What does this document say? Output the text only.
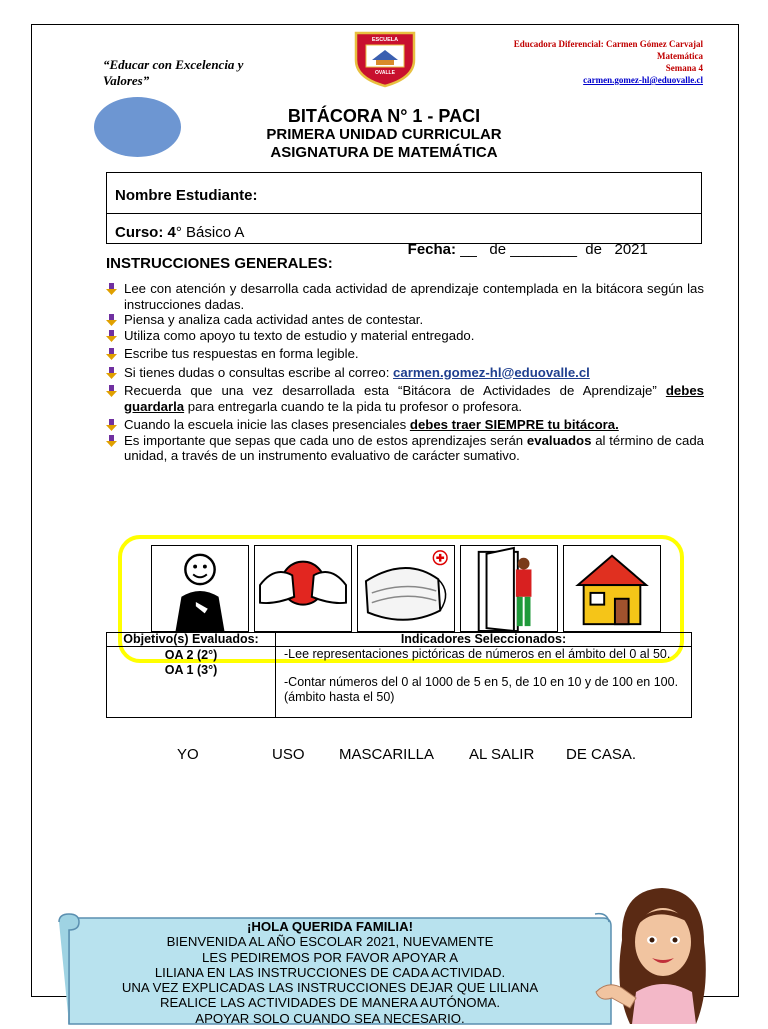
“Educar con Excelencia y Valores”
ESCUELA
OVALLE
Educadora Diferencial: Carmen Gómez Carvajal
Matemática
Semana 4
carmen.gomez-hl@eduovalle.cl
BITÁCORA N° 1 - PACI
PRIMERA UNIDAD CURRICULAR
ASIGNATURA DE MATEMÁTICA
Nombre Estudiante:
Curso: 4° Básico A

Fecha: __   de ________  de   2021

INSTRUCCIONES GENERALES:
Lee con atención y desarrolla cada actividad de aprendizaje contemplada en la bitácora según las instrucciones dadas.
Piensa y analiza cada actividad antes de contestar.
Utiliza como apoyo tu texto de estudio y material entregado.
Escribe tus respuestas en forma legible.
Si tienes dudas o consultas escribe al correo: carmen.gomez-hl@eduovalle.cl
Recuerda que una vez desarrollada esta “Bitácora de Actividades de Aprendizaje” debes guardarla para entregarla cuando te la pida tu profesor o profesora.
Cuando la escuela inicie las clases presenciales debes traer SIEMPRE tu bitácora.
Es importante que sepas que cada uno de estos aprendizajes serán evaluados al término de cada unidad, a través de un instrumento evaluativo de carácter sumativo.
Objetivo(s) Evaluados:	Indicadores Seleccionados:
OA 2 (2°)
OA 1 (3°)
-Lee representaciones pictóricas de números en el ámbito del 0 al 50.
-Contar números del 0 al 1000 de 5 en 5, de 10 en 10 y de 100 en 100. (ámbito hasta el 50)
YO	USO MASCARILLA AL SALIR DE CASA.
¡HOLA QUERIDA FAMILIA!
BIENVENIDA AL AÑO ESCOLAR 2021, NUEVAMENTE
LES PEDIREMOS POR FAVOR APOYAR A
LILIANA EN LAS INSTRUCCIONES DE CADA ACTIVIDAD.
UNA VEZ EXPLICADAS LAS INSTRUCCIONES DEJAR QUE LILIANA
REALICE LAS ACTIVIDADES DE MANERA AUTÓNOMA.
APOYAR SOLO CUANDO SEA NECESARIO.
